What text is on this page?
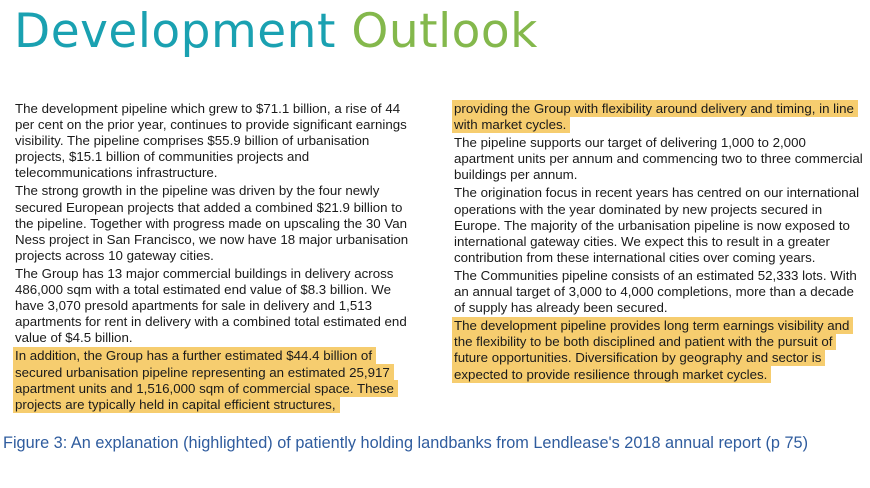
Development Outlook

The development pipeline which grew to $71.1 billion, a rise of 44 per cent on the prior year, continues to provide significant earnings visibility. The pipeline comprises $55.9 billion of urbanisation projects, $15.1 billion of communities projects and telecommunications infrastructure.

The strong growth in the pipeline was driven by the four newly secured European projects that added a combined $21.9 billion to the pipeline. Together with progress made on upscaling the 30 Van Ness project in San Francisco, we now have 18 major urbanisation projects across 10 gateway cities.

The Group has 13 major commercial buildings in delivery across 486,000 sqm with a total estimated end value of $8.3 billion. We have 3,070 presold apartments for sale in delivery and 1,513 apartments for rent in delivery with a combined total estimated end value of $4.5 billion.

In addition, the Group has a further estimated $44.4 billion of secured urbanisation pipeline representing an estimated 25,917 apartment units and 1,516,000 sqm of commercial space. These projects are typically held in capital efficient structures,

providing the Group with flexibility around delivery and timing, in line with market cycles.

The pipeline supports our target of delivering 1,000 to 2,000 apartment units per annum and commencing two to three commercial buildings per annum.

The origination focus in recent years has centred on our international operations with the year dominated by new projects secured in Europe. The majority of the urbanisation pipeline is now exposed to international gateway cities. We expect this to result in a greater contribution from these international cities over coming years.

The Communities pipeline consists of an estimated 52,333 lots. With an annual target of 3,000 to 4,000 completions, more than a decade of supply has already been secured.

The development pipeline provides long term earnings visibility and the flexibility to be both disciplined and patient with the pursuit of future opportunities. Diversification by geography and sector is expected to provide resilience through market cycles.

Figure 3: An explanation (highlighted) of patiently holding landbanks from Lendlease's 2018 annual report (p 75)
